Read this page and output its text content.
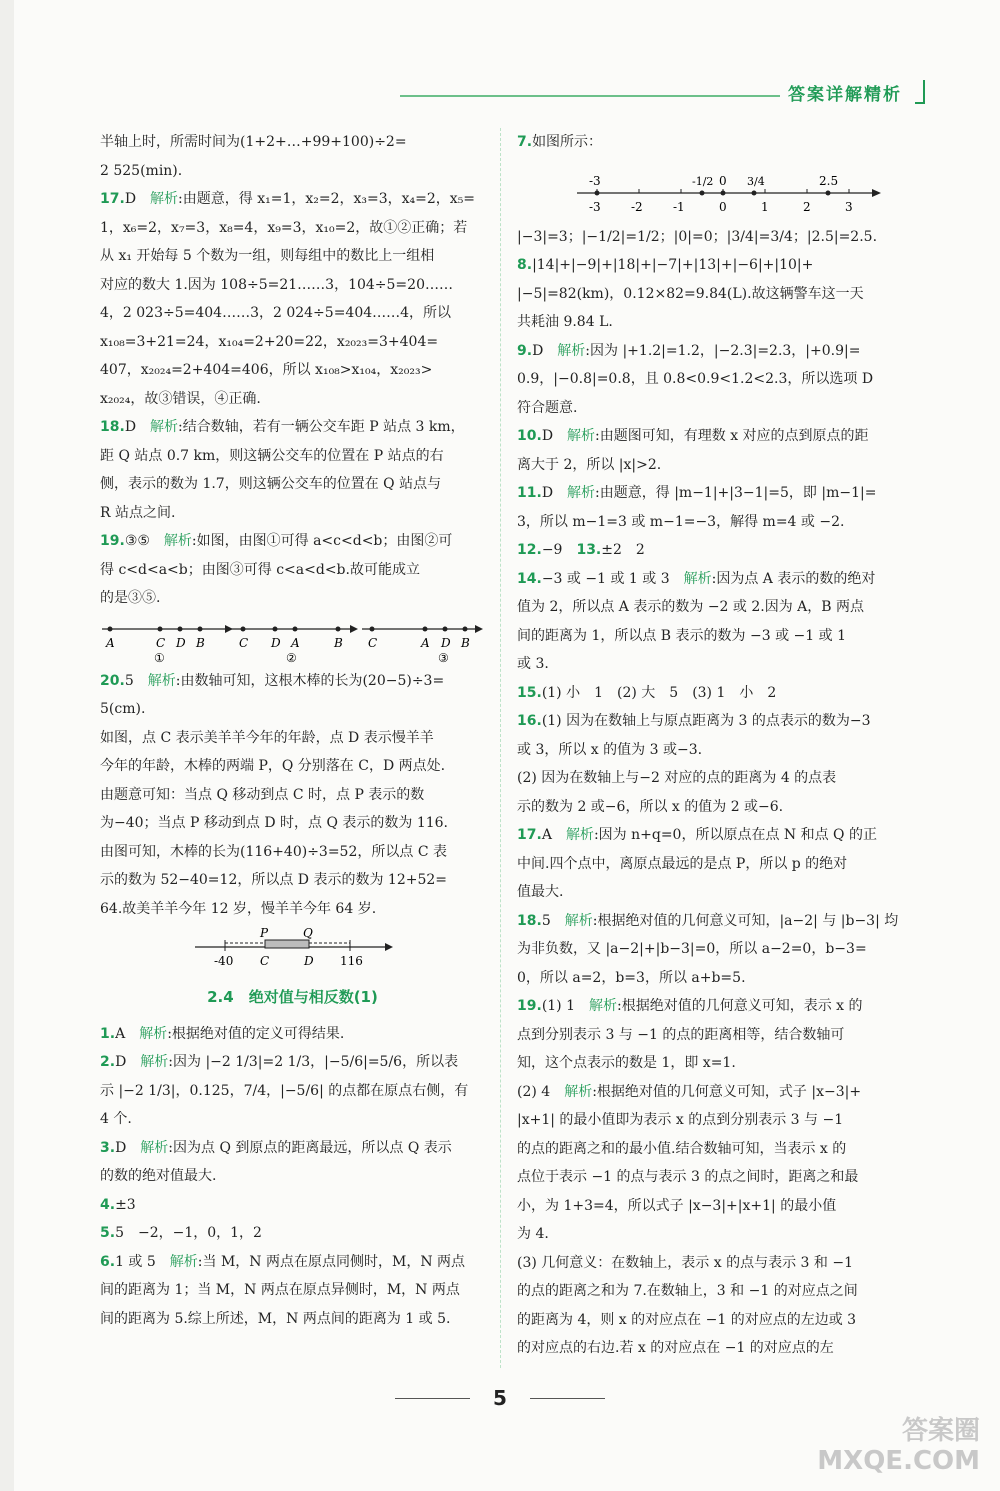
答案详解精析

半轴上时，所需时间为(1+2+…+99+100)÷2=

2 525(min).

17.D　 解析:由题意，得 x₁=1，x₂=2，x₃=3，x₄=2，x₅=

1，x₆=2，x₇=3，x₈=4，x₉=3，x₁₀=2，故①②正确；若

从 x₁ 开始每 5 个数为一组，则每组中的数比上一组相

对应的数大 1.因为 108÷5=21……3，104÷5=20……

4，2 023÷5=404……3，2 024÷5=404……4，所以

x₁₀₈=3+21=24，x₁₀₄=2+20=22，x₂₀₂₃=3+404=

407，x₂₀₂₄=2+404=406，所以 x₁₀₈>x₁₀₄，x₂₀₂₃>

x₂₀₂₄，故③错误，④正确.

18.D　 解析:结合数轴，若有一辆公交车距 P 站点 3 km，

距 Q 站点 0.7 km，则这辆公交车的位置在 P 站点的右

侧，表示的数为 1.7，则这辆公交车的位置在 Q 站点与

R 站点之间.

19.③⑤　 解析:如图，由图①可得 a<c<d<b；由图②可

得 c<d<a<b；由图③可得 c<a<d<b.故可能成立

的是③⑤.

A	C D B
①
C D A	B
②
C	A D B
③

20.5　 解析:由数轴可知，这根木棒的长为(20−5)÷3=

5(cm).

如图，点 C 表示美羊羊今年的年龄，点 D 表示慢羊羊

今年的年龄，木棒的两端 P，Q 分别落在 C，D 两点处.

由题意可知：当点 Q 移动到点 C 时，点 P 表示的数

为−40；当点 P 移动到点 D 时，点 Q 表示的数为 116.

由图可知，木棒的长为(116+40)÷3=52，所以点 C 表

示的数为 52−40=12，所以点 D 表示的数为 12+52=

64.故美羊羊今年 12 岁，慢羊羊今年 64 岁.

P	Q
-40 C	D 116
2.4　绝对值与相反数(1)

1.A　 解析:根据绝对值的定义可得结果.

2.D　 解析:因为 |−2 1/3|=2 1/3，|−5/6|=5/6，所以表

示 |−2 1/3|，0.125，7/4，|−5/6| 的点都在原点右侧，有

4 个.

3.D　 解析:因为点 Q 到原点的距离最远，所以点 Q 表示

的数的绝对值最大.

4.±3

5.5　−2，−1，0，1，2

6.1 或 5　 解析:当 M，N 两点在原点同侧时，M，N 两点

间的距离为 1；当 M，N 两点在原点异侧时，M，N 两点

间的距离为 5.综上所述，M，N 两点间的距离为 1 或 5.

7.如图所示：

-3	-1/2 0 3/4	2.5
-3	-2	-1	0	1	2	3

|−3|=3；|−1/2|=1/2；|0|=0；|3/4|=3/4；|2.5|=2.5.

8.|14|+|−9|+|18|+|−7|+|13|+|−6|+|10|+

|−5|=82(km)，0.12×82=9.84(L).故这辆警车这一天

共耗油 9.84 L.

9.D　 解析:因为 |+1.2|=1.2，|−2.3|=2.3，|+0.9|=

0.9，|−0.8|=0.8，且 0.8<0.9<1.2<2.3，所以选项 D

符合题意.

10.D　 解析:由题图可知，有理数 x 对应的点到原点的距

离大于 2，所以 |x|>2.

11.D　 解析:由题意，得 |m−1|+|3−1|=5，即 |m−1|=

3，所以 m−1=3 或 m−1=−3，解得 m=4 或 −2.

12.−9　 13.±2　2

14.−3 或 −1 或 1 或 3　 解析:因为点 A 表示的数的绝对

值为 2，所以点 A 表示的数为 −2 或 2.因为 A，B 两点

间的距离为 1，所以点 B 表示的数为 −3 或 −1 或 1

或 3.

15.(1) 小　1　(2) 大　5　(3) 1　小　2

16.(1) 因为在数轴上与原点距离为 3 的点表示的数为−3

或 3，所以 x 的值为 3 或−3.

(2) 因为在数轴上与−2 对应的点的距离为 4 的点表

示的数为 2 或−6，所以 x 的值为 2 或−6.

17.A　 解析:因为 n+q=0，所以原点在点 N 和点 Q 的正

中间.四个点中，离原点最远的是点 P，所以 p 的绝对

值最大.

18.5　 解析:根据绝对值的几何意义可知，|a−2| 与 |b−3| 均

为非负数，又 |a−2|+|b−3|=0，所以 a−2=0，b−3=

0，所以 a=2，b=3，所以 a+b=5.

19.(1) 1　 解析:根据绝对值的几何意义可知，表示 x 的

点到分别表示 3 与 −1 的点的距离相等，结合数轴可

知，这个点表示的数是 1，即 x=1.

(2) 4　 解析:根据绝对值的几何意义可知，式子 |x−3|+

|x+1| 的最小值即为表示 x 的点到分别表示 3 与 −1

的点的距离之和的最小值.结合数轴可知，当表示 x 的

点位于表示 −1 的点与表示 3 的点之间时，距离之和最

小，为 1+3=4，所以式子 |x−3|+|x+1| 的最小值

为 4.

(3) 几何意义：在数轴上，表示 x 的点与表示 3 和 −1

的点的距离之和为 7.在数轴上，3 和 −1 的对应点之间

的距离为 4，则 x 的对应点在 −1 的对应点的左边或 3

的对应点的右边.若 x 的对应点在 −1 的对应点的左

5
答案圈
MXQE.COM
